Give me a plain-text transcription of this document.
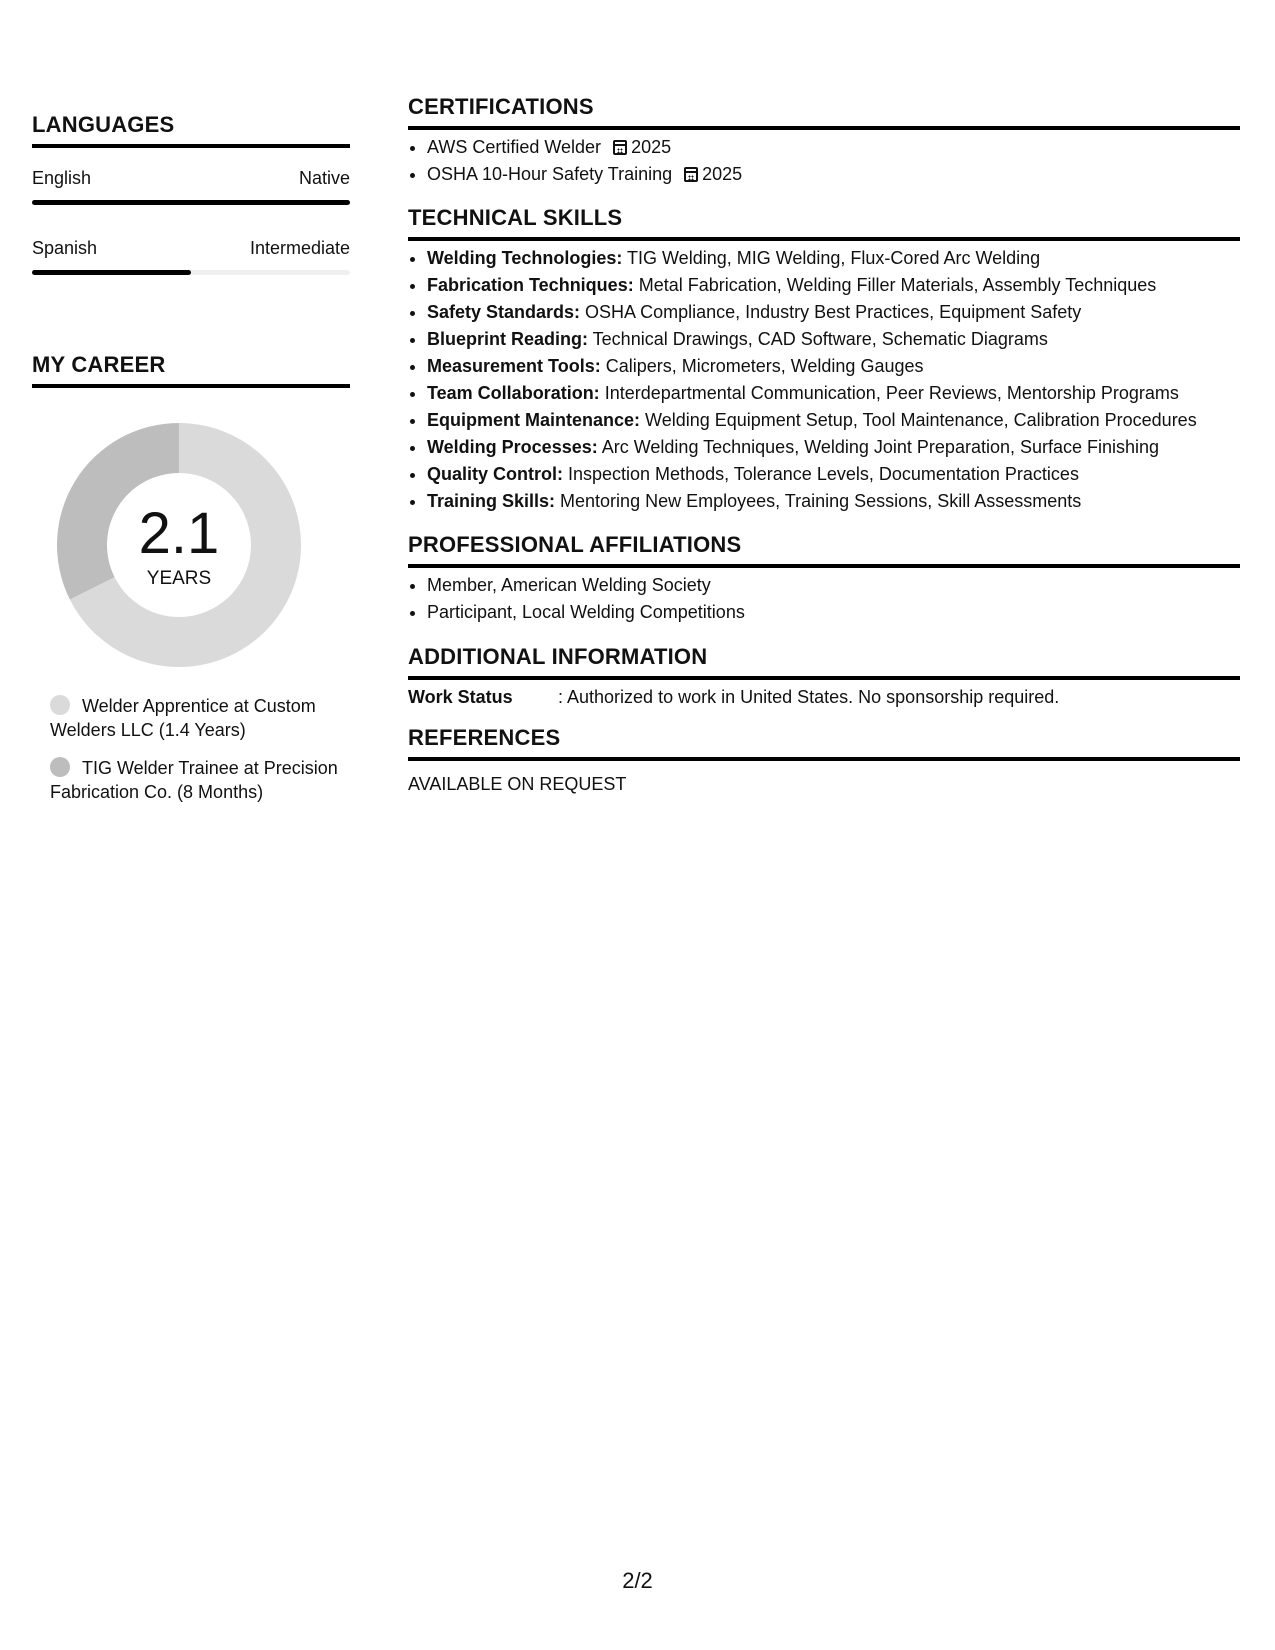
LANGUAGES
English	Native
Spanish	Intermediate
MY CAREER
2.1
YEARS
Welder Apprentice at Custom Welders LLC (1.4 Years)
TIG Welder Trainee at Precision Fabrication Co. (8 Months)
CERTIFICATIONS
• AWS Certified Welder 2025
• OSHA 10-Hour Safety Training 2025
TECHNICAL SKILLS
• Welding Technologies: TIG Welding, MIG Welding, Flux-Cored Arc Welding
• Fabrication Techniques: Metal Fabrication, Welding Filler Materials, Assembly Techniques
• Safety Standards: OSHA Compliance, Industry Best Practices, Equipment Safety
• Blueprint Reading: Technical Drawings, CAD Software, Schematic Diagrams
• Measurement Tools: Calipers, Micrometers, Welding Gauges
• Team Collaboration: Interdepartmental Communication, Peer Reviews, Mentorship Programs
• Equipment Maintenance: Welding Equipment Setup, Tool Maintenance, Calibration Procedures
• Welding Processes: Arc Welding Techniques, Welding Joint Preparation, Surface Finishing
• Quality Control: Inspection Methods, Tolerance Levels, Documentation Practices
• Training Skills: Mentoring New Employees, Training Sessions, Skill Assessments
PROFESSIONAL AFFILIATIONS
• Member, American Welding Society
• Participant, Local Welding Competitions
ADDITIONAL INFORMATION
Work Status	: Authorized to work in United States. No sponsorship required.
REFERENCES
AVAILABLE ON REQUEST
2/2
